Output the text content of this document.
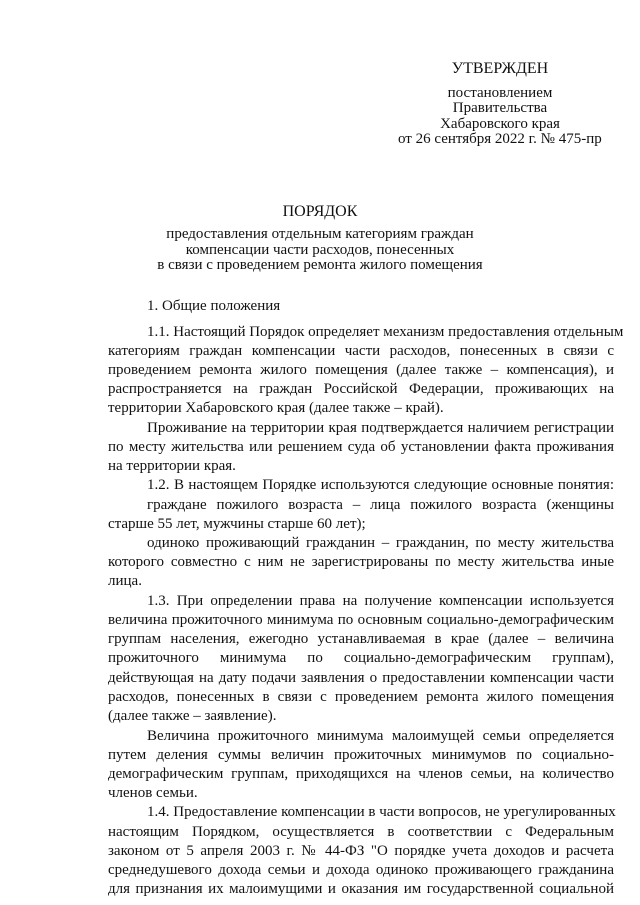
УТВЕРЖДЕН
постановлением
Правительства
Хабаровского края
от 26 сентября 2022 г. № 475-пр
ПОРЯДОК
предоставления отдельным категориям граждан
компенсации части расходов, понесенных
в связи с проведением ремонта жилого помещения
1. Общие положения
1.1. Настоящий Порядок определяет механизм предоставления отдельным
категориям граждан компенсации части расходов, понесенных в связи с
проведением ремонта жилого помещения (далее также – компенсация), и
распространяется на граждан Российской Федерации, проживающих на
территории Хабаровского края (далее также – край).
Проживание на территории края подтверждается наличием регистрации
по месту жительства или решением суда об установлении факта проживания
на территории края.
1.2. В настоящем Порядке используются следующие основные понятия:
граждане пожилого возраста – лица пожилого возраста (женщины
старше 55 лет, мужчины старше 60 лет);
одиноко проживающий гражданин – гражданин, по месту жительства
которого совместно с ним не зарегистрированы по месту жительства иные
лица.
1.3. При определении права на получение компенсации используется
величина прожиточного минимума по основным социально-демографическим
группам населения, ежегодно устанавливаемая в крае (далее – величина
прожиточного минимума по социально-демографическим группам),
действующая на дату подачи заявления о предоставлении компенсации части
расходов, понесенных в связи с проведением ремонта жилого помещения
(далее также – заявление).
Величина прожиточного минимума малоимущей семьи определяется
путем деления суммы величин прожиточных минимумов по социально-
демографическим группам, приходящихся на членов семьи, на количество
членов семьи.
1.4. Предоставление компенсации в части вопросов, не урегулированных
настоящим Порядком, осуществляется в соответствии с Федеральным
законом от 5 апреля 2003 г. № 44-ФЗ "О порядке учета доходов и расчета
среднедушевого дохода семьи и дохода одиноко проживающего гражданина
для признания их малоимущими и оказания им государственной социальной
